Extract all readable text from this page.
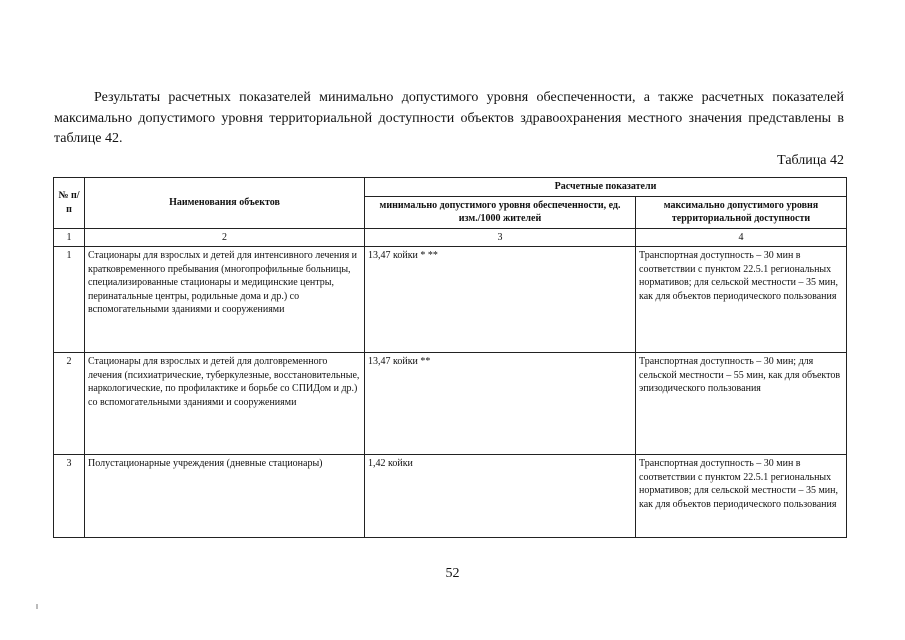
Результаты расчетных показателей минимально допустимого уровня обеспеченности, а также расчетных показателей максимально допустимого уровня территориальной доступности объектов здравоохранения местного значения представлены в таблице 42.

Таблица 42

№ п/п	Наименования объектов	Расчетные показатели	
		минимально допустимого уровня обеспеченности, ед. изм./1000 жителей	максимально допустимого уровня территориальной доступности
1	2	3	4
1	Стационары для взрослых и детей для интенсивного лечения и кратковременного пребывания (многопрофильные больницы, специализированные стационары и медицинские центры, перинатальные центры, родильные дома и др.) со вспомогательными зданиями и сооружениями	13,47 койки * **	Транспортная доступность – 30 мин в соответствии с пунктом 22.5.1 региональных нормативов; для сельской местности – 35 мин, как для объектов периодического пользования
2	Стационары для взрослых и детей для долговременного лечения (психиатрические, туберкулезные, восстановительные, наркологические, по профилактике и борьбе со СПИДом и др.) со вспомогательными зданиями и сооружениями	13,47 койки **	Транспортная доступность – 30 мин; для сельской местности – 55 мин, как для объектов эпизодического пользования
3	Полустационарные учреждения (дневные стационары)	1,42 койки	Транспортная доступность – 30 мин в соответствии с пунктом 22.5.1 региональных нормативов; для сельской местности – 35 мин, как для объектов периодического пользования

52
